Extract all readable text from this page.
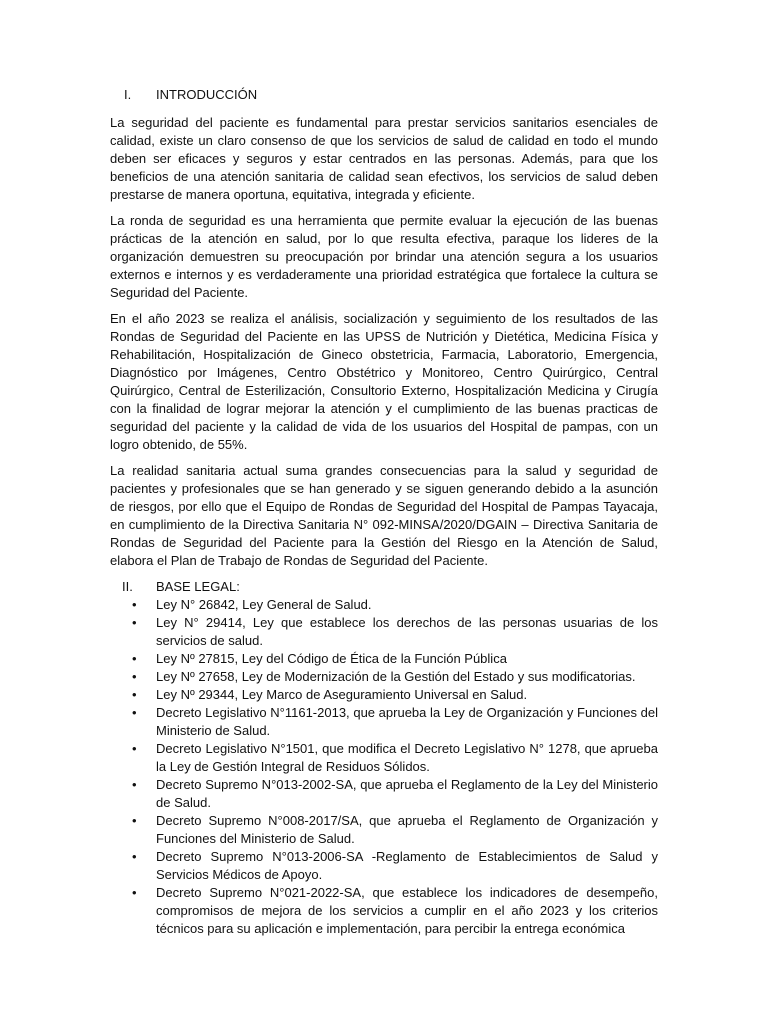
I.	INTRODUCCIÓN

La seguridad del paciente es fundamental para prestar servicios sanitarios esenciales de calidad, existe un claro consenso de que los servicios de salud de calidad en todo el mundo deben ser eficaces y seguros y estar centrados en las personas. Además, para que los beneficios de una atención sanitaria de calidad sean efectivos, los servicios de salud deben prestarse de manera oportuna, equitativa, integrada y eficiente.

La ronda de seguridad es una herramienta que permite evaluar la ejecución de las buenas prácticas de la atención en salud, por lo que resulta efectiva, paraque los lideres de la organización demuestren su preocupación por brindar una atención segura a los usuarios externos e internos y es verdaderamente una prioridad estratégica que fortalece la cultura se Seguridad del Paciente.

En el año 2023 se realiza el análisis, socialización y seguimiento de los resultados de las Rondas de Seguridad del Paciente en las UPSS de Nutrición y Dietética, Medicina Física y Rehabilitación, Hospitalización de Gineco obstetricia, Farmacia, Laboratorio, Emergencia, Diagnóstico por Imágenes, Centro Obstétrico y Monitoreo, Centro Quirúrgico, Central Quirúrgico, Central de Esterilización, Consultorio Externo, Hospitalización Medicina y Cirugía con la finalidad de lograr mejorar la atención y el cumplimiento de las buenas practicas de seguridad del paciente y la calidad de vida de los usuarios del Hospital de pampas, con un logro obtenido, de 55%.

La realidad sanitaria actual suma grandes consecuencias para la salud y seguridad de pacientes y profesionales que se han generado y se siguen generando debido a la asunción de riesgos, por ello que el Equipo de Rondas de Seguridad del Hospital de Pampas Tayacaja, en cumplimiento de la Directiva Sanitaria N° 092-MINSA/2020/DGAIN – Directiva Sanitaria de Rondas de Seguridad del Paciente para la Gestión del Riesgo en la Atención de Salud, elabora el Plan de Trabajo de Rondas de Seguridad del Paciente.

II.	BASE LEGAL:
• Ley N° 26842, Ley General de Salud.
• Ley N° 29414, Ley que establece los derechos de las personas usuarias de los servicios de salud.
• Ley Nº 27815, Ley del Código de Ética de la Función Pública
• Ley Nº 27658, Ley de Modernización de la Gestión del Estado y sus modificatorias.
• Ley Nº 29344, Ley Marco de Aseguramiento Universal en Salud.
• Decreto Legislativo N°1161-2013, que aprueba la Ley de Organización y Funciones del Ministerio de Salud.
• Decreto Legislativo N°1501, que modifica el Decreto Legislativo N° 1278, que aprueba la Ley de Gestión Integral de Residuos Sólidos.
• Decreto Supremo N°013-2002-SA, que aprueba el Reglamento de la Ley del Ministerio de Salud.
• Decreto Supremo N°008-2017/SA, que aprueba el Reglamento de Organización y Funciones del Ministerio de Salud.
• Decreto Supremo N°013-2006-SA -Reglamento de Establecimientos de Salud y Servicios Médicos de Apoyo.
• Decreto Supremo N°021-2022-SA, que establece los indicadores de desempeño, compromisos de mejora de los servicios a cumplir en el año 2023 y los criterios técnicos para su aplicación e implementación, para percibir la entrega económica
